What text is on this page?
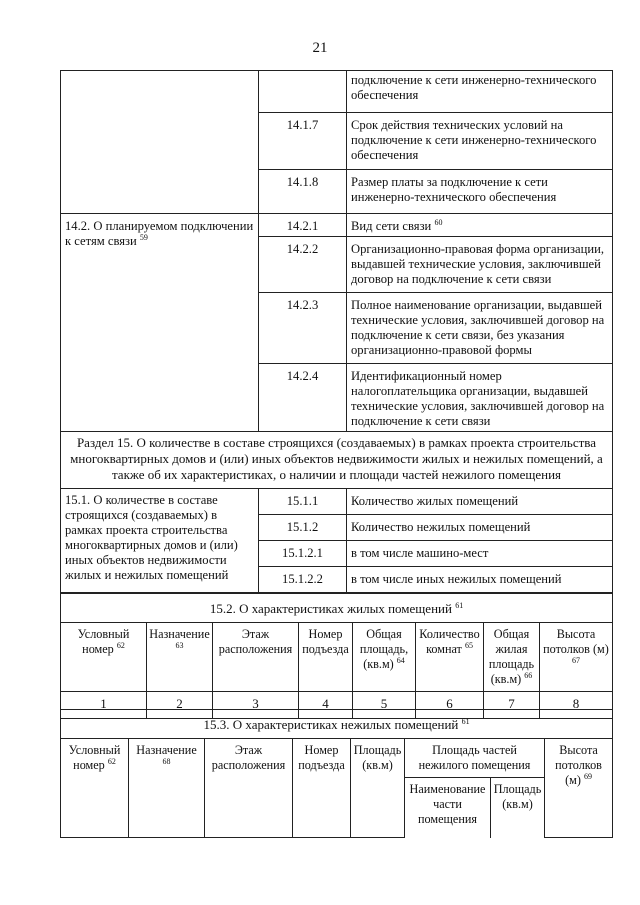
21
		подключение к сети инженерно-технического обеспечения
	14.1.7	Срок действия технических условий на подключение к сети инженерно-технического обеспечения
	14.1.8	Размер платы за подключение к сети инженерно-технического обеспечения
14.2. О планируемом подключении к сетям связи $^{59}$	14.2.1	Вид сети связи $^{60}$
	14.2.2	Организационно-правовая форма организации, выдавшей технические условия, заключившей договор на подключение к сети связи
	14.2.3	Полное наименование организации, выдавшей технические условия, заключившей договор на подключение к сети связи, без указания организационно-правовой формы
	14.2.4	Идентификационный номер налогоплательщика организации, выдавшей технические условия, заключившей договор на подключение к сети связи
Раздел 15. О количестве в составе строящихся (создаваемых) в рамках проекта строительства многоквартирных домов и (или) иных объектов недвижимости жилых и нежилых помещений, а также об их характеристиках, о наличии и площади частей нежилого помещения		
15.1. О количестве в составе строящихся (создаваемых) в рамках проекта строительства многоквартирных домов и (или) иных объектов недвижимости жилых и нежилых помещений	15.1.1	Количество жилых помещений
	15.1.2	Количество нежилых помещений
	15.1.2.1	в том числе машино-мест
	15.1.2.2	в том числе иных нежилых помещений
15.2. О характеристиках жилых помещений $^{61}$
Условный номер $^{62}$	Назначение $^{63}$	Этаж расположения	Номер подъезда	Общая площадь, (кв.м) $^{64}$	Количество комнат $^{65}$	Общая жилая площадь (кв.м) $^{66}$	Высота потолков (м) $^{67}$
1	2	3	4	5	6	7	8
15.3. О характеристиках нежилых помещений $^{61}$
Условный номер $^{62}$	Назначение $^{68}$	Этаж расположения	Номер подъезда	Площадь (кв.м)	Площадь частей нежилого помещения		Высота потолков (м) $^{69}$
					Наименование части помещения	Площадь (кв.м)	
